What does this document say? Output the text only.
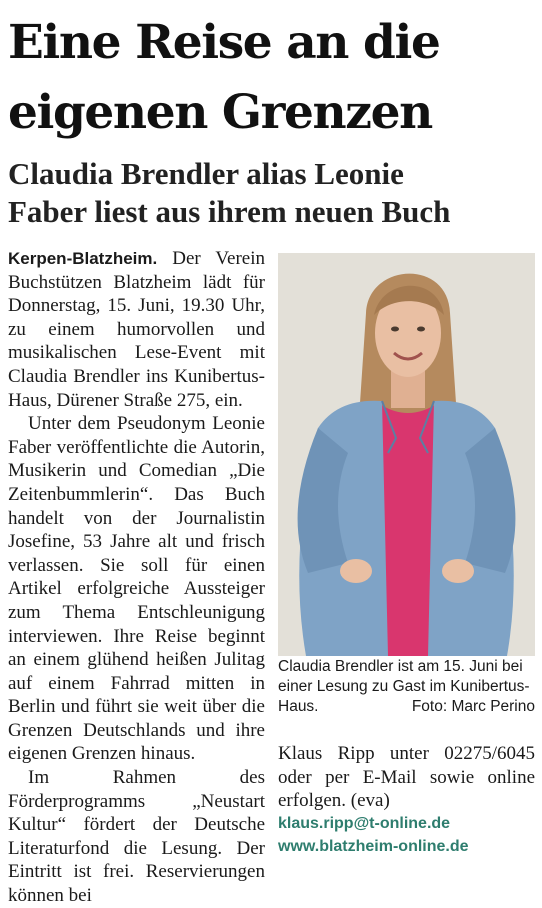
Eine Reise an die
eigenen Grenzen
Claudia Brendler alias Leonie
Faber liest aus ihrem neuen Buch

Kerpen-Blatzheim. Der Verein Buchstützen Blatzheim lädt für Donnerstag, 15. Juni, 19.30 Uhr, zu einem humorvollen und musikalischen Lese-Event mit Claudia Brendler ins Kunibertus-Haus, Dürener Straße 275, ein.

Unter dem Pseudonym Leonie Faber veröffentlichte die Autorin, Musikerin und Comedian „Die Zeitenbummlerin“. Das Buch handelt von der Journalistin Josefine, 53 Jahre alt und frisch verlassen. Sie soll für einen Artikel erfolgreiche Aussteiger zum Thema Entschleunigung interviewen. Ihre Reise beginnt an einem glühend heißen Julitag auf einem Fahrrad mitten in Berlin und führt sie weit über die Grenzen Deutschlands und ihre eigenen Grenzen hinaus.

Im Rahmen des Förderprogramms „Neustart Kultur“ fördert der Deutsche Literaturfond die Lesung. Der Eintritt ist frei. Reservierungen können bei

Claudia Brendler ist am 15. Juni bei einer Lesung zu Gast im Kunibertus-Haus.	Foto: Marc Perino

Klaus Ripp unter 02275/6045 oder per E-Mail sowie online erfolgen. (eva)

klaus.ripp@t-online.de
www.blatzheim-online.de
